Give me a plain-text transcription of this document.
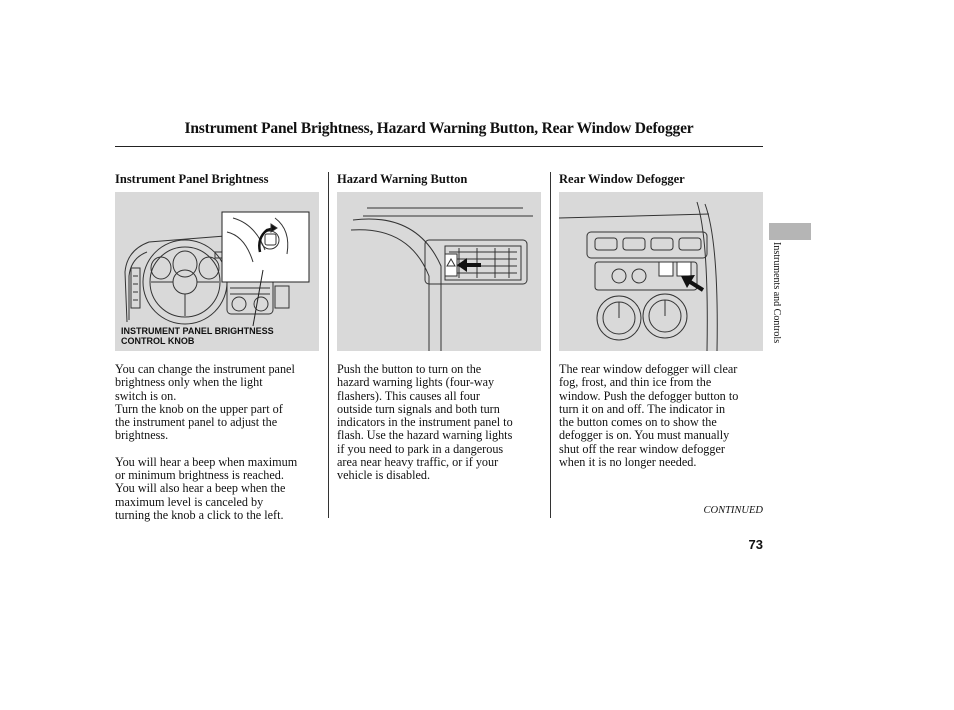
Instrument Panel Brightness, Hazard Warning Button, Rear Window Defogger
Instrument Panel Brightness
INSTRUMENT PANEL BRIGHTNESS
CONTROL KNOB

You can change the instrument panel
brightness only when the light
switch is on.
Turn the knob on the upper part of
the instrument panel to adjust the
brightness.

You will hear a beep when maximum
or minimum brightness is reached.
You will also hear a beep when the
maximum level is canceled by
turning the knob a click to the left.

Hazard Warning Button

Push the button to turn on the
hazard warning lights (four-way
flashers). This causes all four
outside turn signals and both turn
indicators in the instrument panel to
flash. Use the hazard warning lights
if you need to park in a dangerous
area near heavy traffic, or if your
vehicle is disabled.

Rear Window Defogger

The rear window defogger will clear
fog, frost, and thin ice from the
window. Push the defogger button to
turn it on and off. The indicator in
the button comes on to show the
defogger is on. You must manually
shut off the rear window defogger
when it is no longer needed.

CONTINUED
73
Instruments and Controls
